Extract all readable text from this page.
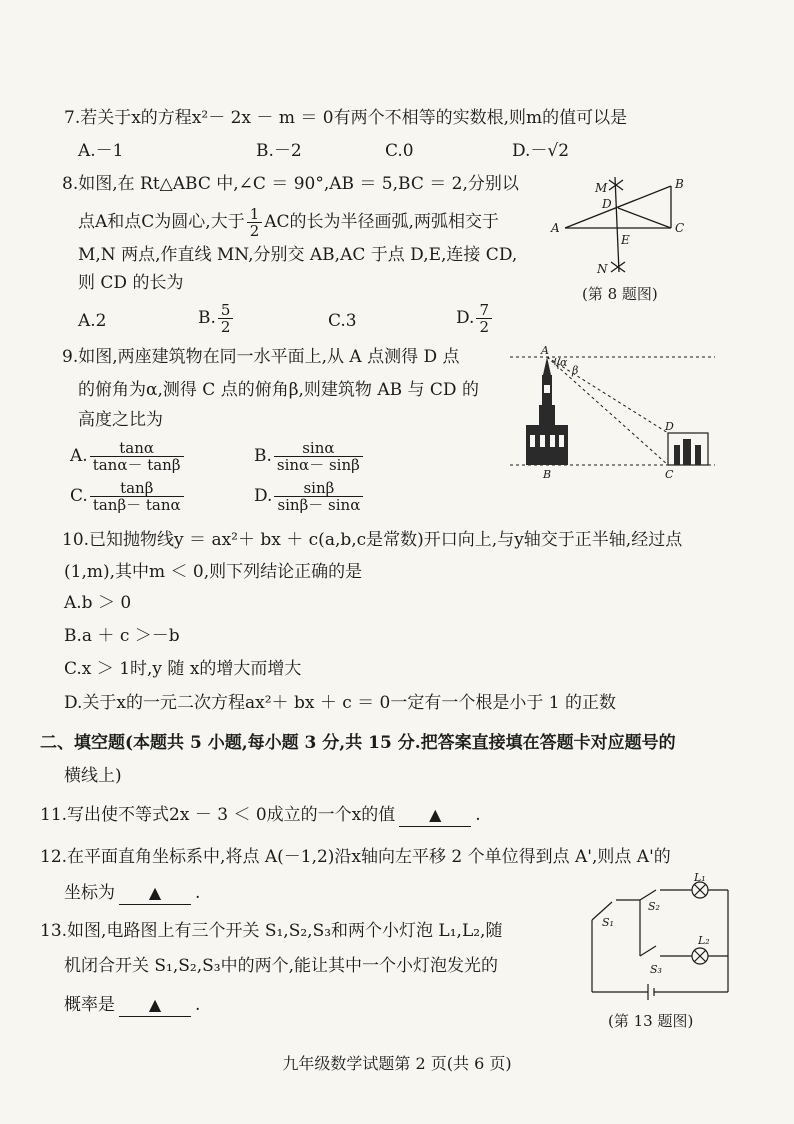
7.若关于x的方程x²－ 2x － m ＝ 0有两个不相等的实数根,则m的值可以是
A.－1	B.－2	C.0	D.－√2
8.如图,在 Rt△ABC 中,∠C ＝ 90°,AB ＝ 5,BC ＝ 2,分别以
点A和点C为圆心,大于 $\frac{1}{2}$ AC的长为半径画弧,两弧相交于
M,N 两点,作直线 MN,分别交 AB,AC 于点 D,E,连接 CD,
则 CD 的长为
A.2	B. $\frac{5}{2}$	C.3	D. $\frac{7}{2}$
M	B
D
A	C
E
N
(第 8 题图)
9.如图,两座建筑物在同一水平面上,从 A 点测得 D 点
的俯角为α,测得 C 点的俯角β,则建筑物 AB 与 CD 的
高度之比为
A. $\frac{\tan\alpha}{\tan\alpha- \tan\beta}$	B. $\frac{\sin\alpha}{\sin\alpha- \sin\beta}$
C. $\frac{\tan\beta}{\tan\beta- \tan\alpha}$	D. $\frac{\sin\beta}{\sin\beta- \sin\alpha}$
A
α
β
D
B	C
10.已知抛物线y ＝ ax²＋ bx ＋ c(a,b,c是常数)开口向上,与y轴交于正半轴,经过点
(1,m),其中m ＜ 0,则下列结论正确的是
A.b ＞ 0
B.a ＋ c ＞－b
C.x ＞ 1时,y 随 x的增大而增大
D.关于x的一元二次方程ax²＋ bx ＋ c ＝ 0一定有一个根是小于 1 的正数
二、填空题(本题共 5 小题,每小题 3 分,共 15 分.把答案直接填在答题卡对应题号的
横线上)
11.写出使不等式2x － 3 ＜ 0成立的一个x的值 ▲ .
12.在平面直角坐标系中,将点 A(－1,2)沿x轴向左平移 2 个单位得到点 A',则点 A'的
坐标为 ▲ .
13.如图,电路图上有三个开关 S₁,S₂,S₃和两个小灯泡 L₁,L₂,随
机闭合开关 S₁,S₂,S₃中的两个,能让其中一个小灯泡发光的
概率是 ▲ .
L₁
S₂
S₁
L₂
S₃
(第 13 题图)
九年级数学试题第 2 页(共 6 页)
